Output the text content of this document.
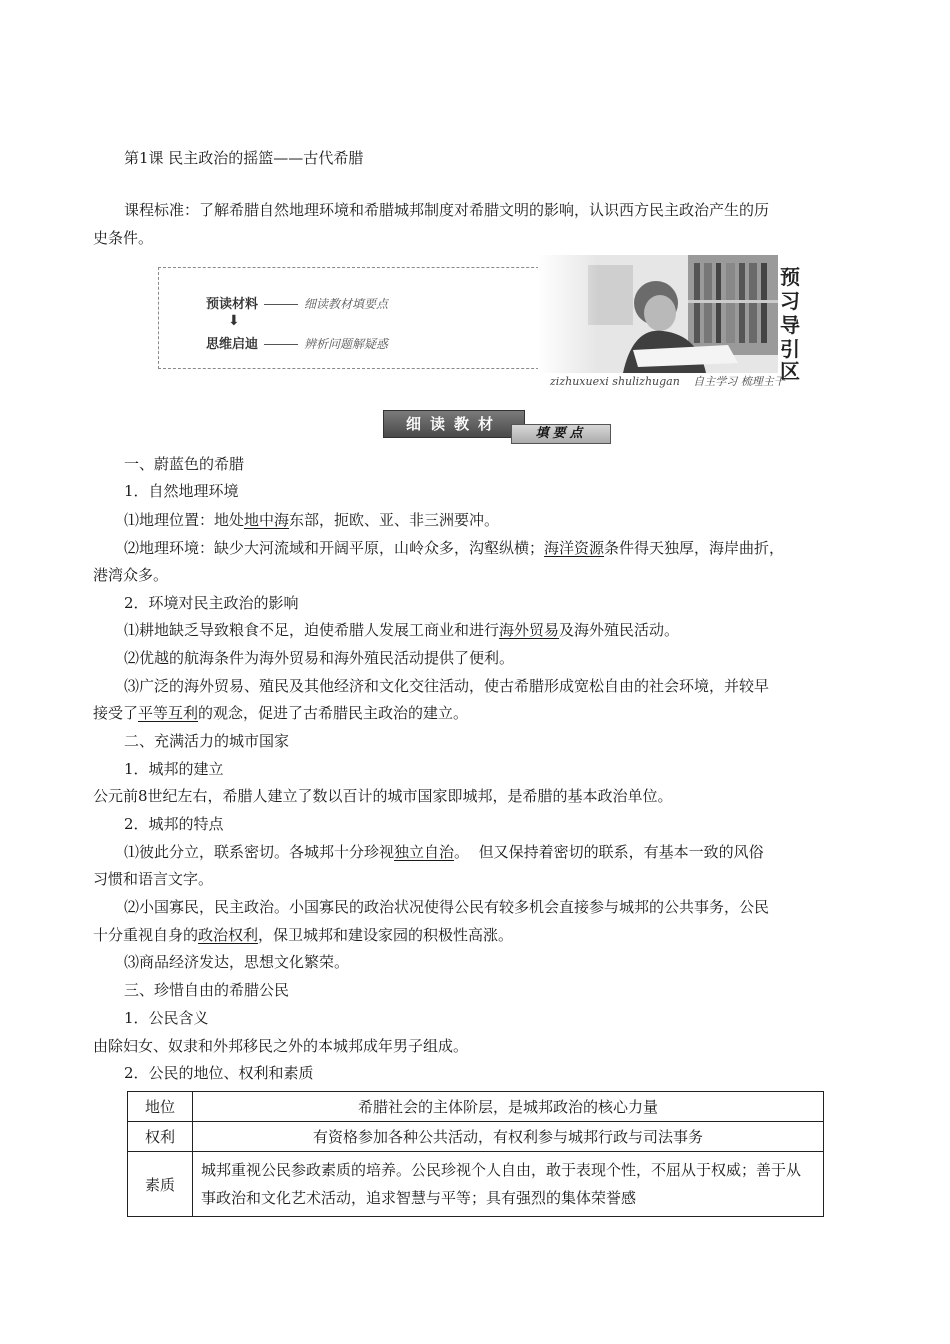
第1课 民主政治的摇篮——古代希腊
课程标准：了解希腊自然地理环境和希腊城邦制度对希腊文明的影响，认识西方民主政治产生的历
史条件。
预读材料	细读教材填要点
⬇
思维启迪	辨析问题解疑惑
预
习
导
引
区
zizhuxuexi shulizhugan 自主学习 梳理主干
细读教材
填要点
一、蔚蓝色的希腊
1．自然地理环境
⑴地理位置：地处地中海东部，扼欧、亚、非三洲要冲。
⑵地理环境：缺少大河流域和开阔平原，山岭众多，沟壑纵横；海洋资源条件得天独厚，海岸曲折，
港湾众多。
2．环境对民主政治的影响
⑴耕地缺乏导致粮食不足，迫使希腊人发展工商业和进行海外贸易及海外殖民活动。
⑵优越的航海条件为海外贸易和海外殖民活动提供了便利。
⑶广泛的海外贸易、殖民及其他经济和文化交往活动，使古希腊形成宽松自由的社会环境，并较早
接受了平等互利的观念，促进了古希腊民主政治的建立。
二、充满活力的城市国家
1．城邦的建立
公元前8世纪左右，希腊人建立了数以百计的城市国家即城邦，是希腊的基本政治单位。
2．城邦的特点
⑴彼此分立，联系密切。各城邦十分珍视独立自治。  但又保持着密切的联系，有基本一致的风俗
习惯和语言文字。
⑵小国寡民，民主政治。小国寡民的政治状况使得公民有较多机会直接参与城邦的公共事务，公民
十分重视自身的政治权利，保卫城邦和建设家园的积极性高涨。
⑶商品经济发达，思想文化繁荣。
三、珍惜自由的希腊公民
1．公民含义
由除妇女、奴隶和外邦移民之外的本城邦成年男子组成。
2．公民的地位、权利和素质
地位	希腊社会的主体阶层，是城邦政治的核心力量
权利	有资格参加各种公共活动，有权利参与城邦行政与司法事务
素质	城邦重视公民参政素质的培养。公民珍视个人自由，敢于表现个性，不屈从于权威；善于从事政治和文化艺术活动，追求智慧与平等；具有强烈的集体荣誉感
